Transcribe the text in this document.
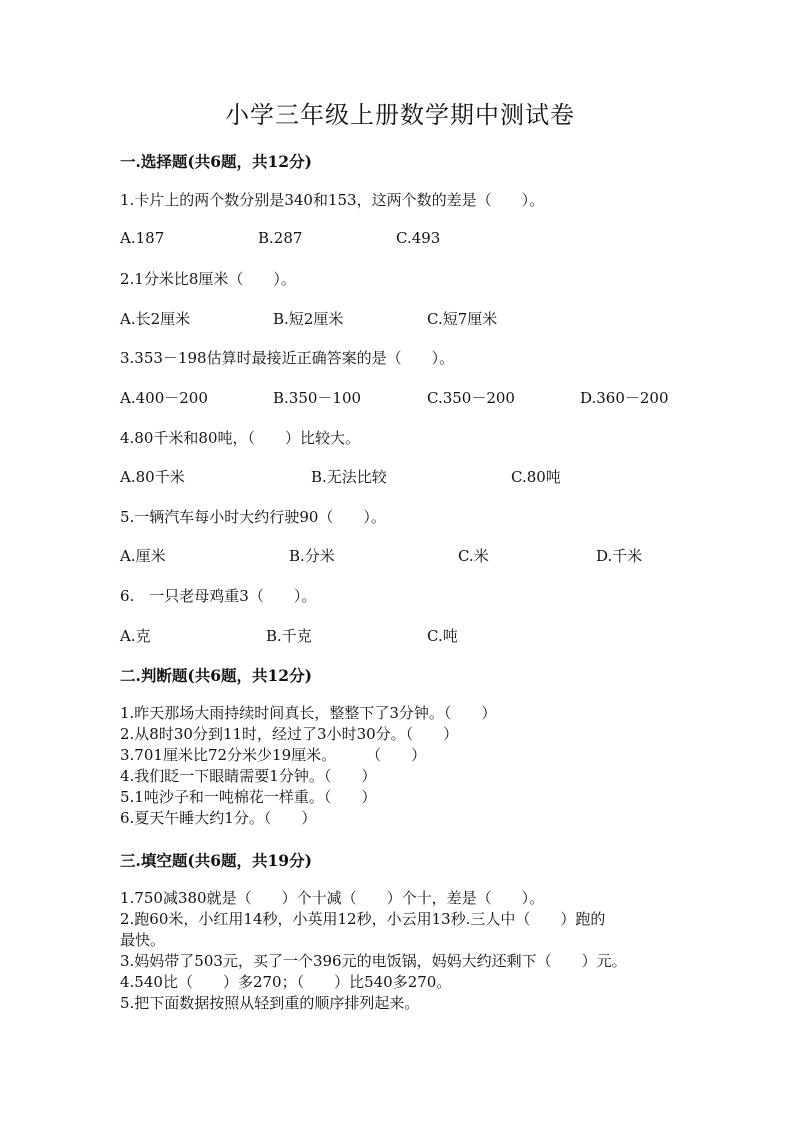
小学三年级上册数学期中测试卷
一.选择题(共6题，共12分)
1.卡片上的两个数分别是340和153，这两个数的差是（　　）。
A.187	B.287	C.493
2.1分米比8厘米（　　）。
A.长2厘米	B.短2厘米	C.短7厘米
3.353－198估算时最接近正确答案的是（　　）。
A.400－200	B.350－100	C.350－200	D.360－200
4.80千米和80吨，（　　）比较大。
A.80千米	B.无法比较	C.80吨
5.一辆汽车每小时大约行驶90（　　）。
A.厘米	B.分米	C.米	D.千米
6.　一只老母鸡重3（　　）。
A.克	B.千克	C.吨
二.判断题(共6题，共12分)
1.昨天那场大雨持续时间真长，整整下了3分钟。（　　）
2.从8时30分到11时，经过了3小时30分。（　　）
3.701厘米比72分米少19厘米。　　　（　　）
4.我们眨一下眼睛需要1分钟。（　　）
5.1吨沙子和一吨棉花一样重。（　　）
6.夏天午睡大约1分。（　　）
三.填空题(共6题，共19分)
1.750减380就是（　　）个十减（　　）个十，差是（　　）。
2.跑60米，小红用14秒，小英用12秒，小云用13秒.三人中（　　）跑的
最快。
3.妈妈带了503元，买了一个396元的电饭锅，妈妈大约还剩下（　　）元。
4.540比（　　）多270；（　　）比540多270。
5.把下面数据按照从轻到重的顺序排列起来。
